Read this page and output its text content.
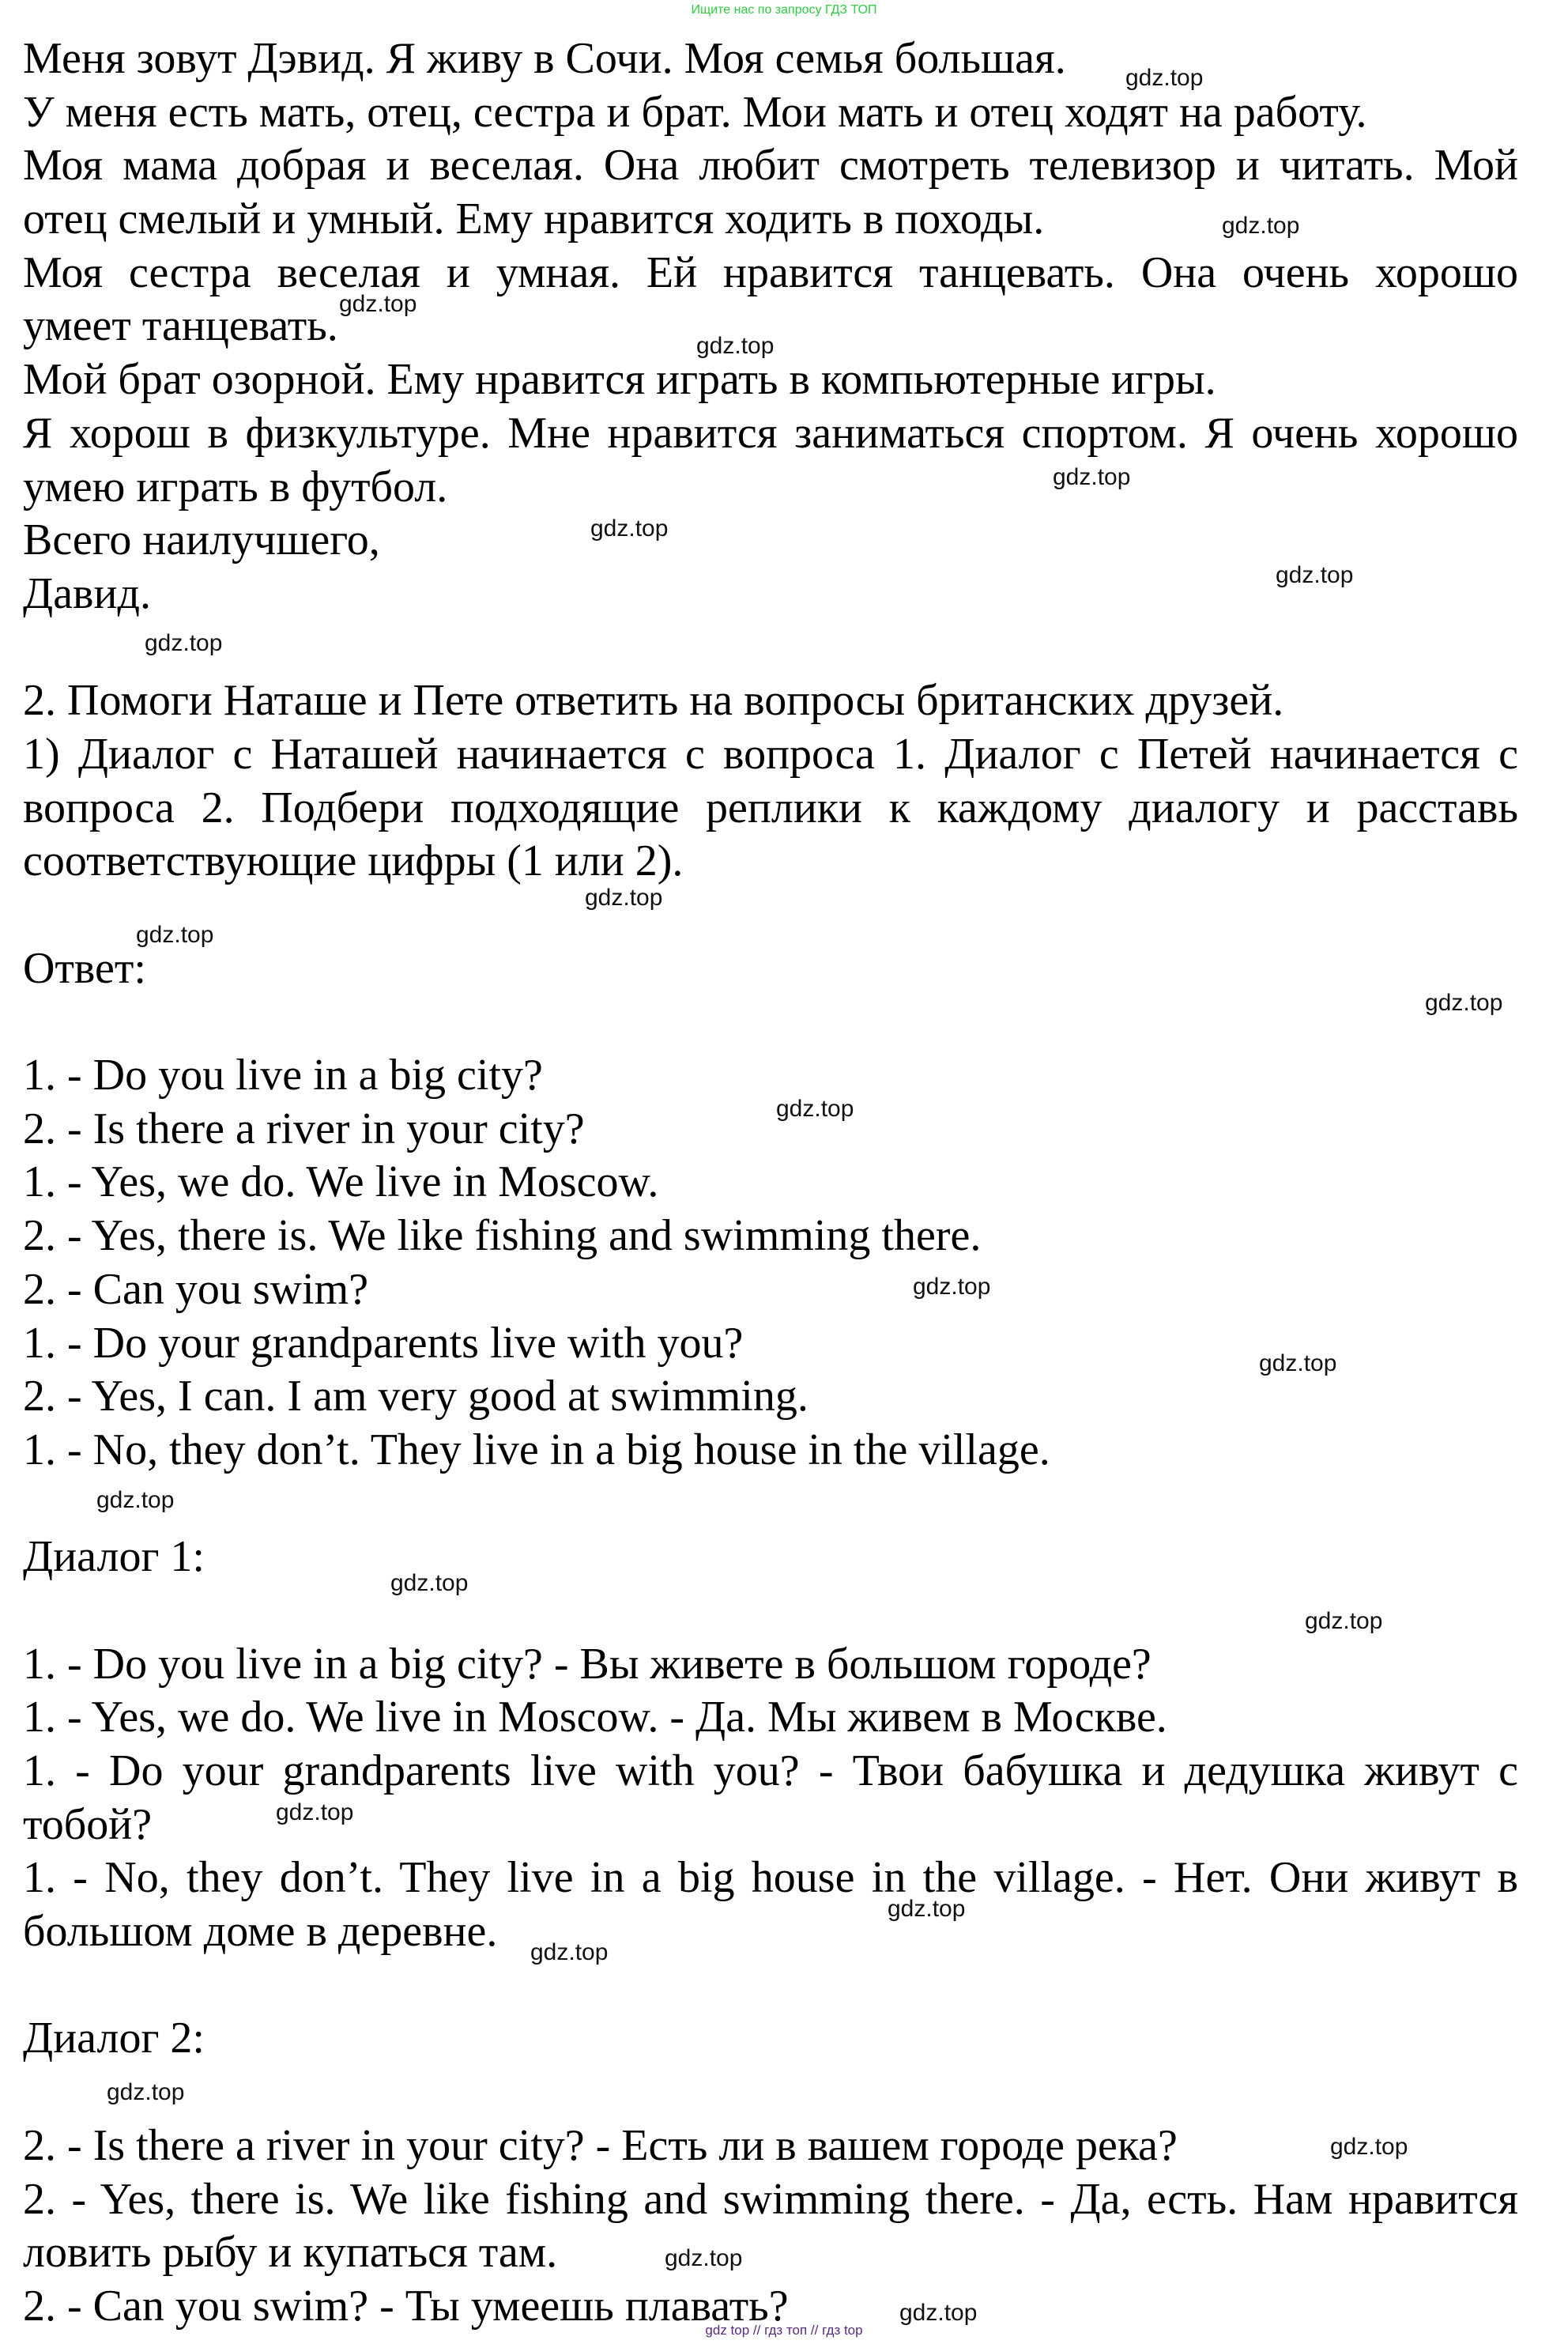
Ищите нас по запросу ГДЗ ТОП
Меня зовут Дэвид. Я живу в Сочи. Моя семья большая.
У меня есть мать, отец, сестра и брат. Мои мать и отец ходят на работу.
Моя мама добрая и веселая. Она любит смотреть телевизор и читать. Мой
отец смелый и умный. Ему нравится ходить в походы.
Моя сестра веселая и умная. Ей нравится танцевать. Она очень хорошо
умеет танцевать.
Мой брат озорной. Ему нравится играть в компьютерные игры.
Я хорош в физкультуре. Мне нравится заниматься спортом. Я очень хорошо
умею играть в футбол.
Всего наилучшего,
Давид.
2. Помоги Наташе и Пете ответить на вопросы британских друзей.
1) Диалог с Наташей начинается с вопроса 1. Диалог с Петей начинается с
вопроса 2. Подбери подходящие реплики к каждому диалогу и расставь
соответствующие цифры (1 или 2).
Ответ:
1. - Do you live in a big city?
2. - Is there a river in your city?
1. - Yes, we do. We live in Moscow.
2. - Yes, there is. We like fishing and swimming there.
2. - Can you swim?
1. - Do your grandparents live with you?
2. - Yes, I can. I am very good at swimming.
1. - No, they don’t. They live in a big house in the village.
Диалог 1:
1. - Do you live in a big city? - Вы живете в большом городе?
1. - Yes, we do. We live in Moscow. - Да. Мы живем в Москве.
1. - Do your grandparents live with you? - Твои бабушка и дедушка живут с
тобой?
1. - No, they don’t. They live in a big house in the village. - Нет. Они живут в
большом доме в деревне.
Диалог 2:
2. - Is there a river in your city? - Есть ли в вашем городе река?
2. - Yes, there is. We like fishing and swimming there. - Да, есть. Нам нравится
ловить рыбу и купаться там.
2. - Can you swim? - Ты умеешь плавать?
gdz.top
gdz.top
gdz.top
gdz.top
gdz.top
gdz.top
gdz.top
gdz.top
gdz.top
gdz.top
gdz.top
gdz.top
gdz.top
gdz.top
gdz.top
gdz.top
gdz.top
gdz.top
gdz.top
gdz.top
gdz.top
gdz.top
gdz.top
gdz.top
gdz top // гдз топ // гдз top
